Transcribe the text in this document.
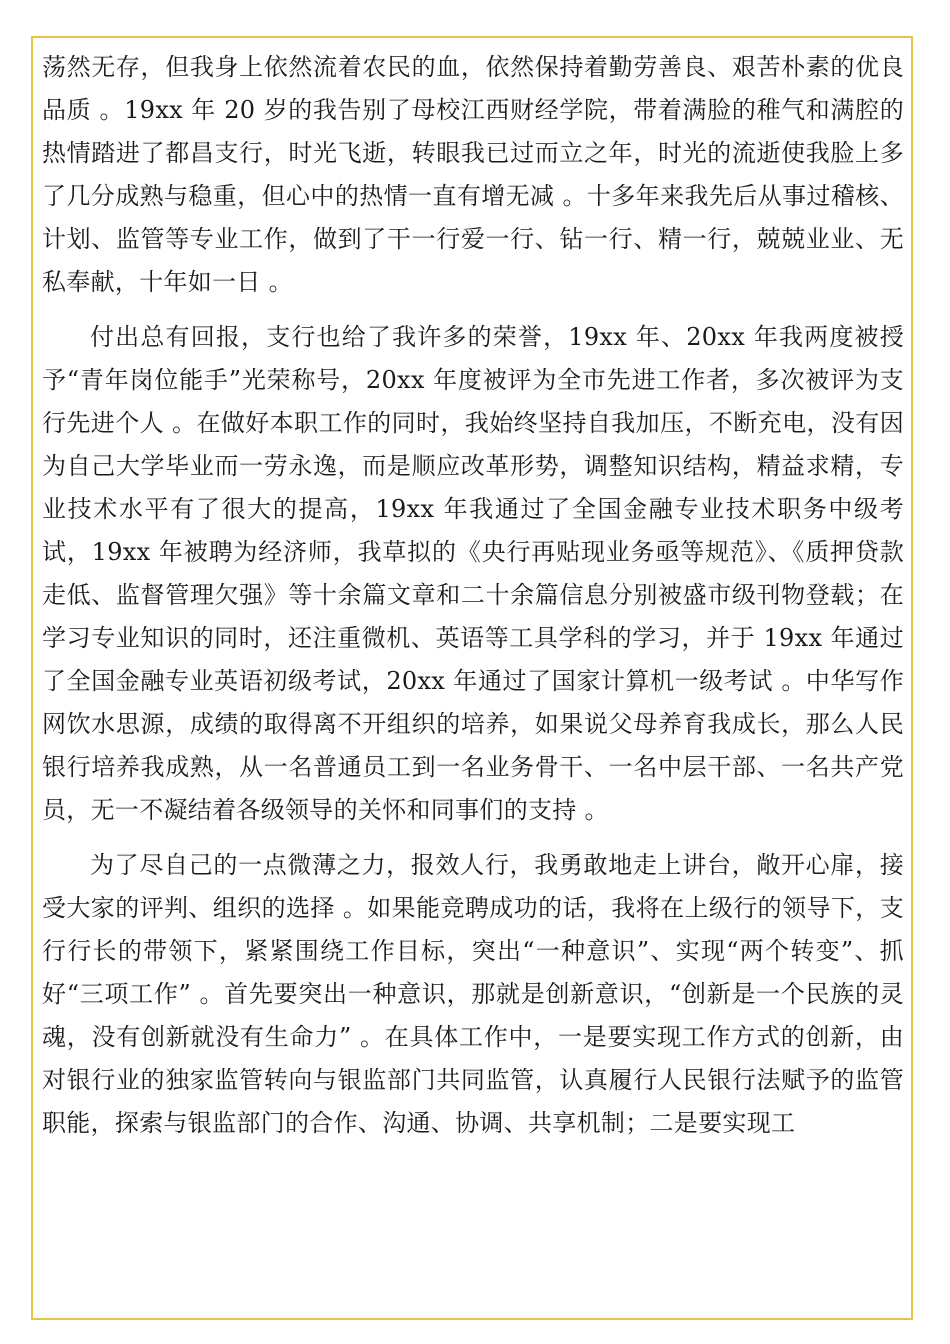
荡然无存，但我身上依然流着农民的血，依然保持着勤劳善良、艰苦朴素的优良品质 。19xx 年 20 岁的我告别了母校江西财经学院，带着满脸的稚气和满腔的热情踏进了都昌支行，时光飞逝，转眼我已过而立之年，时光的流逝使我脸上多了几分成熟与稳重，但心中的热情一直有增无减 。十多年来我先后从事过稽核、计划、监管等专业工作，做到了干一行爱一行、钻一行、精一行，兢兢业业、无私奉献，十年如一日 。

付出总有回报，支行也给了我许多的荣誉，19xx 年、20xx 年我两度被授予“青年岗位能手”光荣称号，20xx 年度被评为全市先进工作者，多次被评为支行先进个人 。在做好本职工作的同时，我始终坚持自我加压，不断充电，没有因为自己大学毕业而一劳永逸，而是顺应改革形势，调整知识结构，精益求精，专业技术水平有了很大的提高，19xx 年我通过了全国金融专业技术职务中级考试，19xx 年被聘为经济师，我草拟的《央行再贴现业务亟等规范》、《质押贷款走低、监督管理欠强》等十余篇文章和二十余篇信息分别被盛市级刊物登载；在学习专业知识的同时，还注重微机、英语等工具学科的学习，并于 19xx 年通过了全国金融专业英语初级考试，20xx 年通过了国家计算机一级考试 。中华写作网饮水思源，成绩的取得离不开组织的培养，如果说父母养育我成长，那么人民银行培养我成熟，从一名普通员工到一名业务骨干、一名中层干部、一名共产党员，无一不凝结着各级领导的关怀和同事们的支持 。

为了尽自己的一点微薄之力，报效人行，我勇敢地走上讲台，敞开心扉，接受大家的评判、组织的选择 。如果能竞聘成功的话，我将在上级行的领导下，支行行长的带领下，紧紧围绕工作目标，突出“一种意识”、实现“两个转变”、抓好“三项工作” 。首先要突出一种意识，那就是创新意识，“创新是一个民族的灵魂，没有创新就没有生命力” 。在具体工作中，一是要实现工作方式的创新，由对银行业的独家监管转向与银监部门共同监管，认真履行人民银行法赋予的监管职能，探索与银监部门的合作、沟通、协调、共享机制；二是要实现工
